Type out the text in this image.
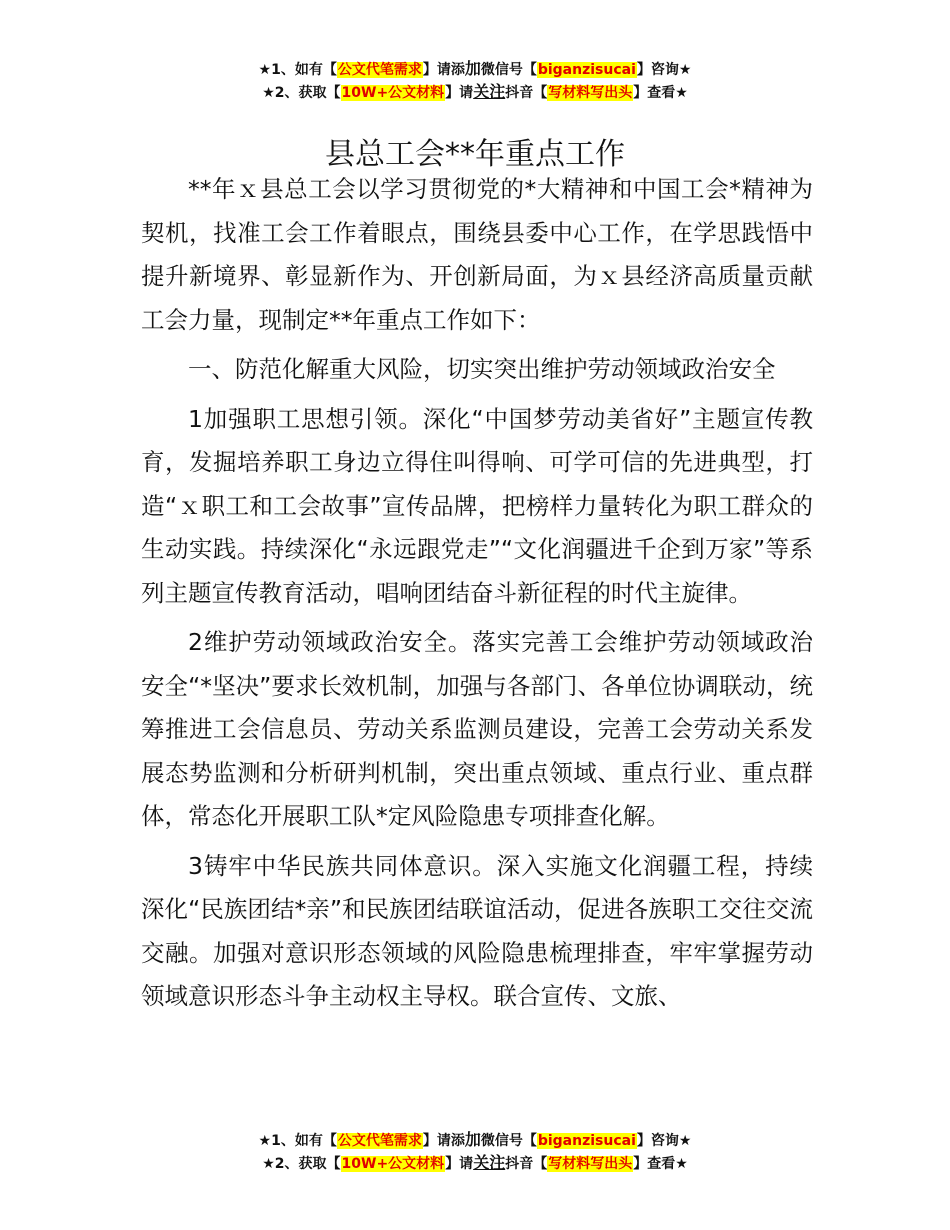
★1、如有【公文代笔需求】请添加微信号【biganzisucai】咨询★
★2、获取【10W+公文材料】请关注抖音【写材料写出头】查看★
县总工会**年重点工作

**年ｘ县总工会以学习贯彻党的*大精神和中国工会*精神为契机，找准工会工作着眼点，围绕县委中心工作，在学思践悟中提升新境界、彰显新作为、开创新局面，为ｘ县经济高质量贡献工会力量，现制定**年重点工作如下：

一、防范化解重大风险，切实突出维护劳动领域政治安全

1加强职工思想引领。深化“中国梦劳动美省好”主题宣传教育，发掘培养职工身边立得住叫得响、可学可信的先进典型，打造“ｘ职工和工会故事”宣传品牌，把榜样力量转化为职工群众的生动实践。持续深化“永远跟党走”“文化润疆进千企到万家”等系列主题宣传教育活动，唱响团结奋斗新征程的时代主旋律。

2维护劳动领域政治安全。落实完善工会维护劳动领域政治安全“*坚决”要求长效机制，加强与各部门、各单位协调联动，统筹推进工会信息员、劳动关系监测员建设，完善工会劳动关系发展态势监测和分析研判机制，突出重点领域、重点行业、重点群体，常态化开展职工队*定风险隐患专项排查化解。

3铸牢中华民族共同体意识。深入实施文化润疆工程，持续深化“民族团结*亲”和民族团结联谊活动，促进各族职工交往交流交融。加强对意识形态领域的风险隐患梳理排查，牢牢掌握劳动领域意识形态斗争主动权主导权。联合宣传、文旅、

★1、如有【公文代笔需求】请添加微信号【biganzisucai】咨询★
★2、获取【10W+公文材料】请关注抖音【写材料写出头】查看★
